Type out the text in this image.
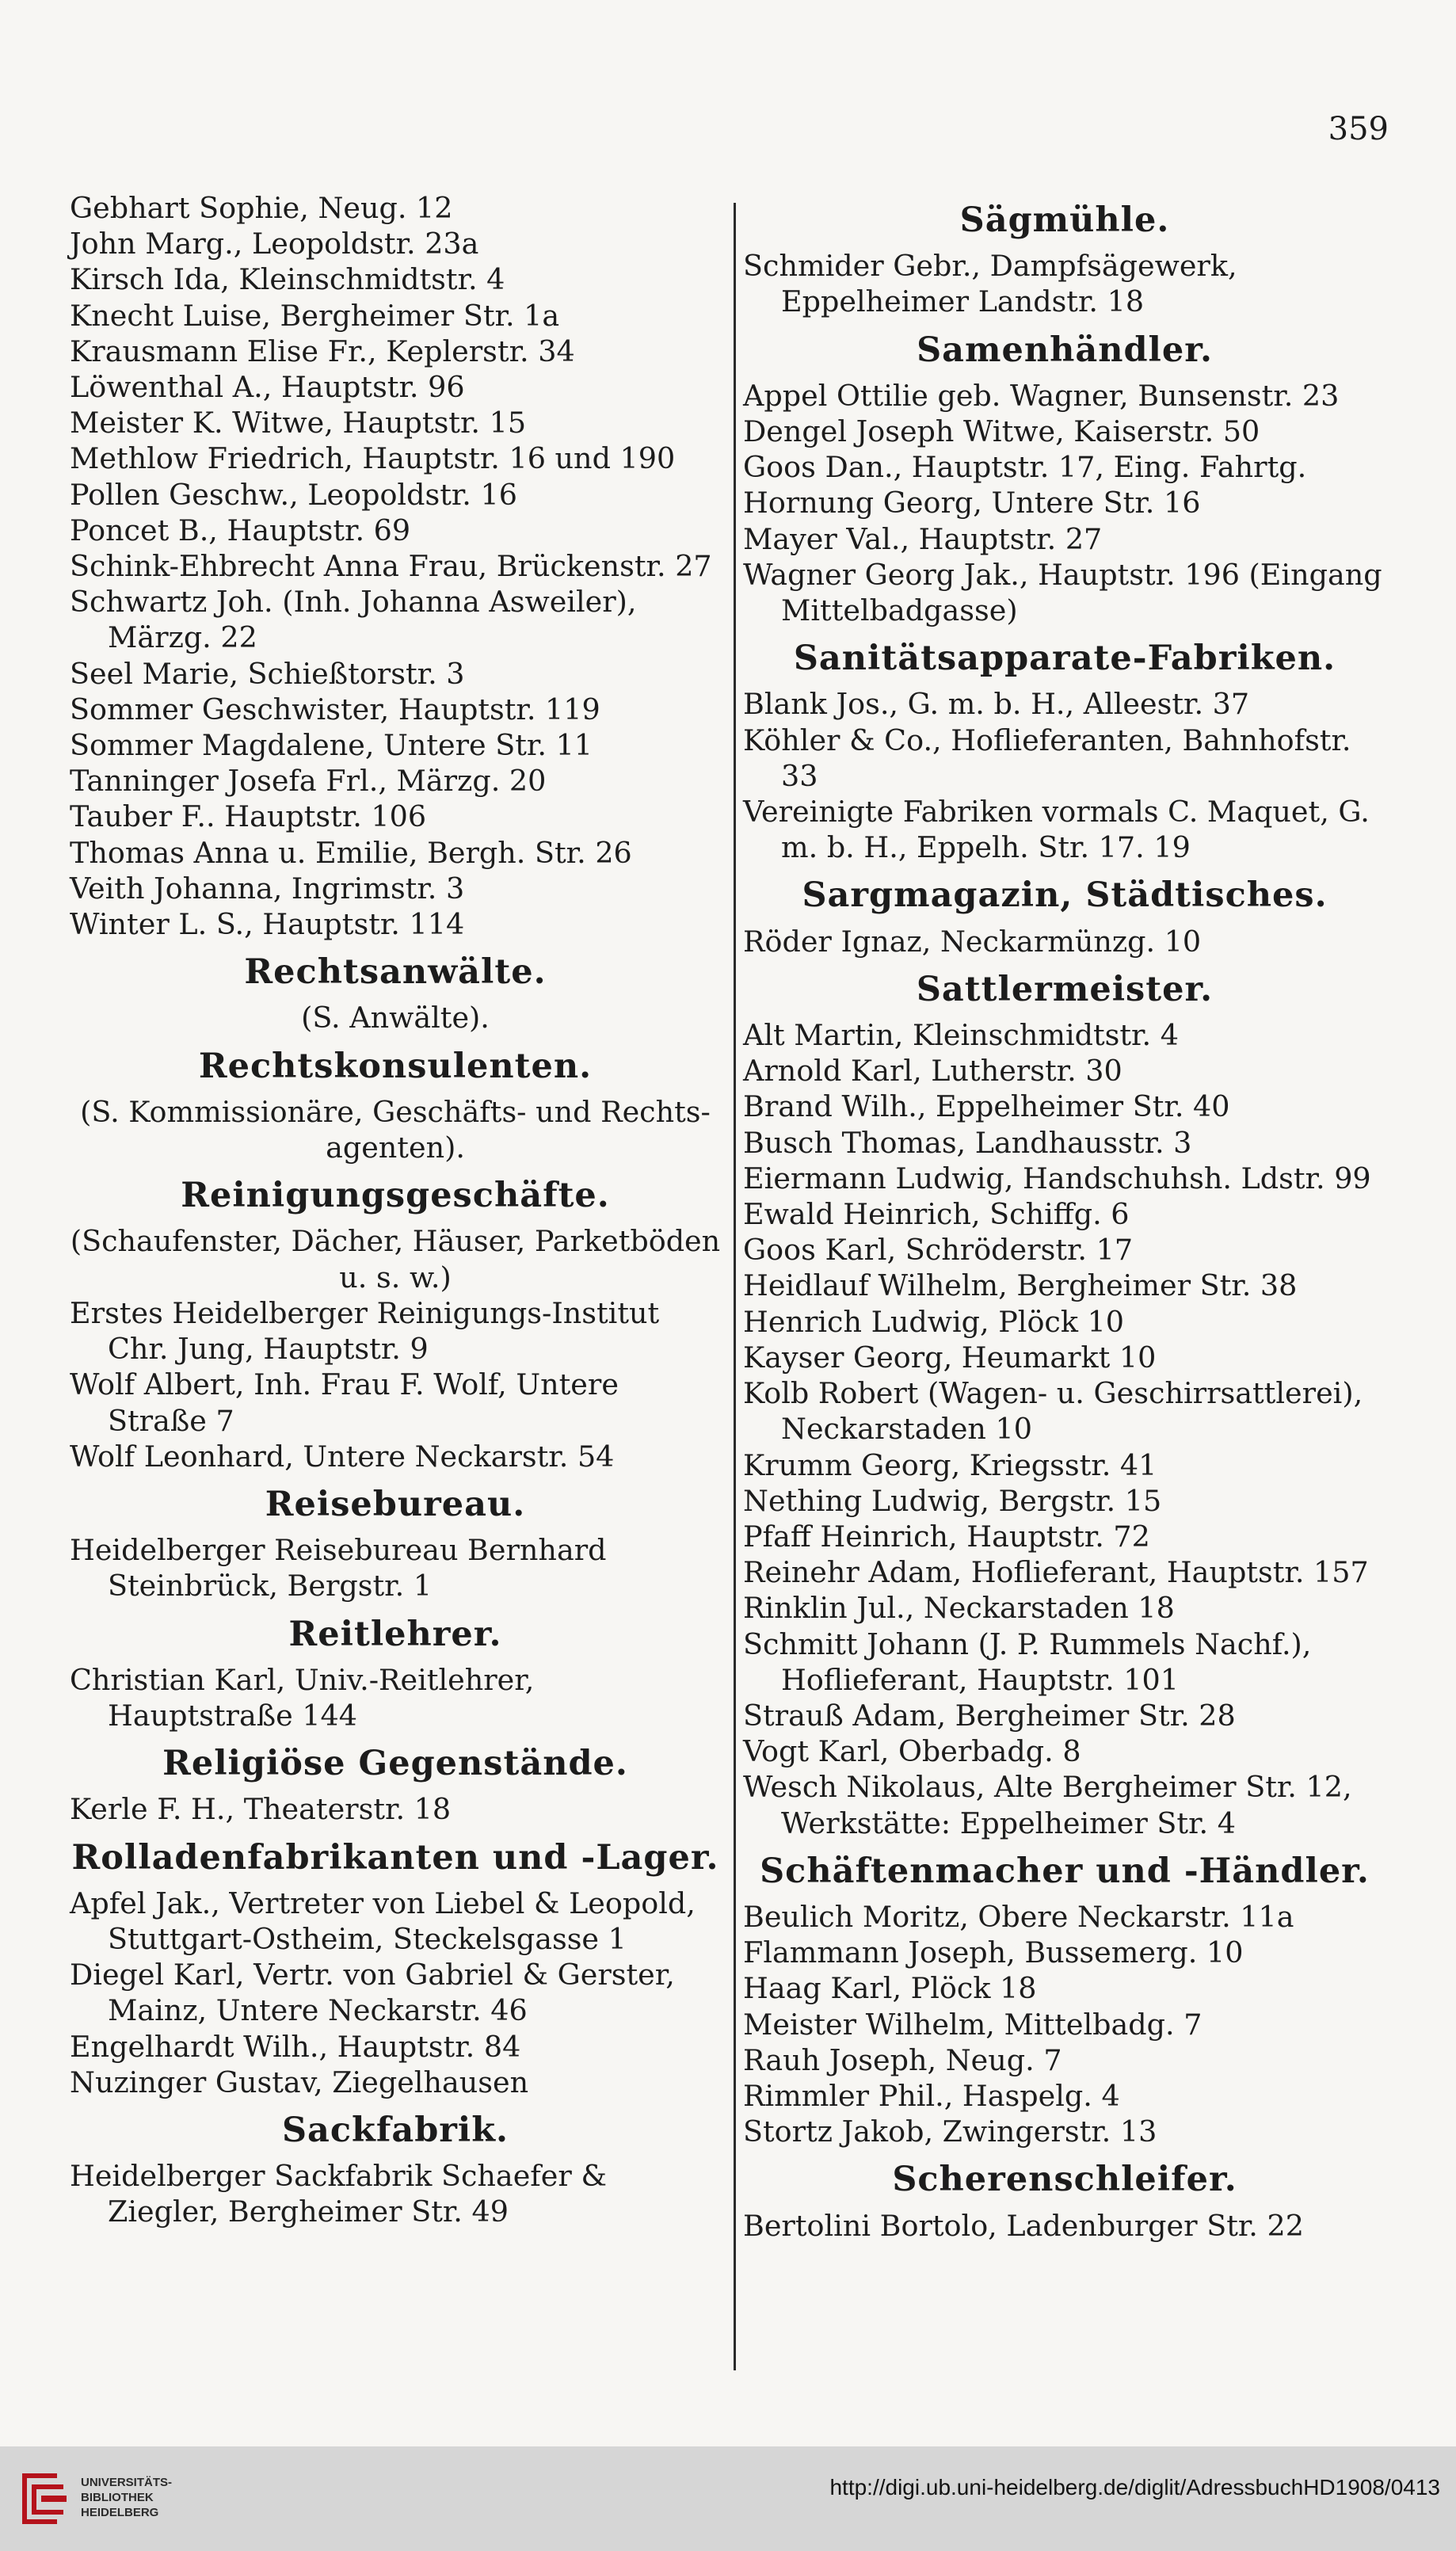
359
Gebhart Sophie, Neug. 12
John Marg., Leopoldstr. 23a
Kirsch Ida, Kleinschmidtstr. 4
Knecht Luise, Bergheimer Str. 1a
Krausmann Elise Fr., Keplerstr. 34
Löwenthal A., Hauptstr. 96
Meister K. Witwe, Hauptstr. 15
Methlow Friedrich, Hauptstr. 16 und 190
Pollen Geschw., Leopoldstr. 16
Poncet B., Hauptstr. 69
Schink-Ehbrecht Anna Frau, Brückenstr. 27
Schwartz Joh. (Inh. Johanna Asweiler), Märzg. 22
Seel Marie, Schießtorstr. 3
Sommer Geschwister, Hauptstr. 119
Sommer Magdalene, Untere Str. 11
Tanninger Josefa Frl., Märzg. 20
Tauber F.. Hauptstr. 106
Thomas Anna u. Emilie, Bergh. Str. 26
Veith Johanna, Ingrimstr. 3
Winter L. S., Hauptstr. 114
Rechtsanwälte.
(S. Anwälte).
Rechtskonsulenten.
(S. Kommissionäre, Geschäfts- und Rechts-agenten).
Reinigungsgeschäfte.
(Schaufenster, Dächer, Häuser, Parketböden u. s. w.)
Erstes Heidelberger Reinigungs-Institut Chr. Jung, Hauptstr. 9
Wolf Albert, Inh. Frau F. Wolf, Untere Straße 7
Wolf Leonhard, Untere Neckarstr. 54
Reisebureau.
Heidelberger Reisebureau Bernhard Steinbrück, Bergstr. 1
Reitlehrer.
Christian Karl, Univ.-Reitlehrer, Hauptstraße 144
Religiöse Gegenstände.
Kerle F. H., Theaterstr. 18
Rolladenfabrikanten und -Lager.
Apfel Jak., Vertreter von Liebel & Leopold, Stuttgart-Ostheim, Steckelsgasse 1
Diegel Karl, Vertr. von Gabriel & Gerster, Mainz, Untere Neckarstr. 46
Engelhardt Wilh., Hauptstr. 84
Nuzinger Gustav, Ziegelhausen
Sackfabrik.
Heidelberger Sackfabrik Schaefer & Ziegler, Bergheimer Str. 49
Sägmühle.
Schmider Gebr., Dampfsägewerk, Eppelheimer Landstr. 18
Samenhändler.
Appel Ottilie geb. Wagner, Bunsenstr. 23
Dengel Joseph Witwe, Kaiserstr. 50
Goos Dan., Hauptstr. 17, Eing. Fahrtg.
Hornung Georg, Untere Str. 16
Mayer Val., Hauptstr. 27
Wagner Georg Jak., Hauptstr. 196 (Eingang Mittelbadgasse)
Sanitätsapparate-Fabriken.
Blank Jos., G. m. b. H., Alleestr. 37
Köhler & Co., Hoflieferanten, Bahnhofstr. 33
Vereinigte Fabriken vormals C. Maquet, G. m. b. H., Eppelh. Str. 17. 19
Sargmagazin, Städtisches.
Röder Ignaz, Neckarmünzg. 10
Sattlermeister.
Alt Martin, Kleinschmidtstr. 4
Arnold Karl, Lutherstr. 30
Brand Wilh., Eppelheimer Str. 40
Busch Thomas, Landhausstr. 3
Eiermann Ludwig, Handschuhsh. Ldstr. 99
Ewald Heinrich, Schiffg. 6
Goos Karl, Schröderstr. 17
Heidlauf Wilhelm, Bergheimer Str. 38
Henrich Ludwig, Plöck 10
Kayser Georg, Heumarkt 10
Kolb Robert (Wagen- u. Geschirrsattlerei), Neckarstaden 10
Krumm Georg, Kriegsstr. 41
Nething Ludwig, Bergstr. 15
Pfaff Heinrich, Hauptstr. 72
Reinehr Adam, Hoflieferant, Hauptstr. 157
Rinklin Jul., Neckarstaden 18
Schmitt Johann (J. P. Rummels Nachf.), Hoflieferant, Hauptstr. 101
Strauß Adam, Bergheimer Str. 28
Vogt Karl, Oberbadg. 8
Wesch Nikolaus, Alte Bergheimer Str. 12, Werkstätte: Eppelheimer Str. 4
Schäftenmacher und -Händler.
Beulich Moritz, Obere Neckarstr. 11a
Flammann Joseph, Bussemerg. 10
Haag Karl, Plöck 18
Meister Wilhelm, Mittelbadg. 7
Rauh Joseph, Neug. 7
Rimmler Phil., Haspelg. 4
Stortz Jakob, Zwingerstr. 13
Scherenschleifer.
Bertolini Bortolo, Ladenburger Str. 22
UNIVERSITÄTS-
BIBLIOTHEK
HEIDELBERG
http://digi.ub.uni-heidelberg.de/diglit/AdressbuchHD1908/0413
